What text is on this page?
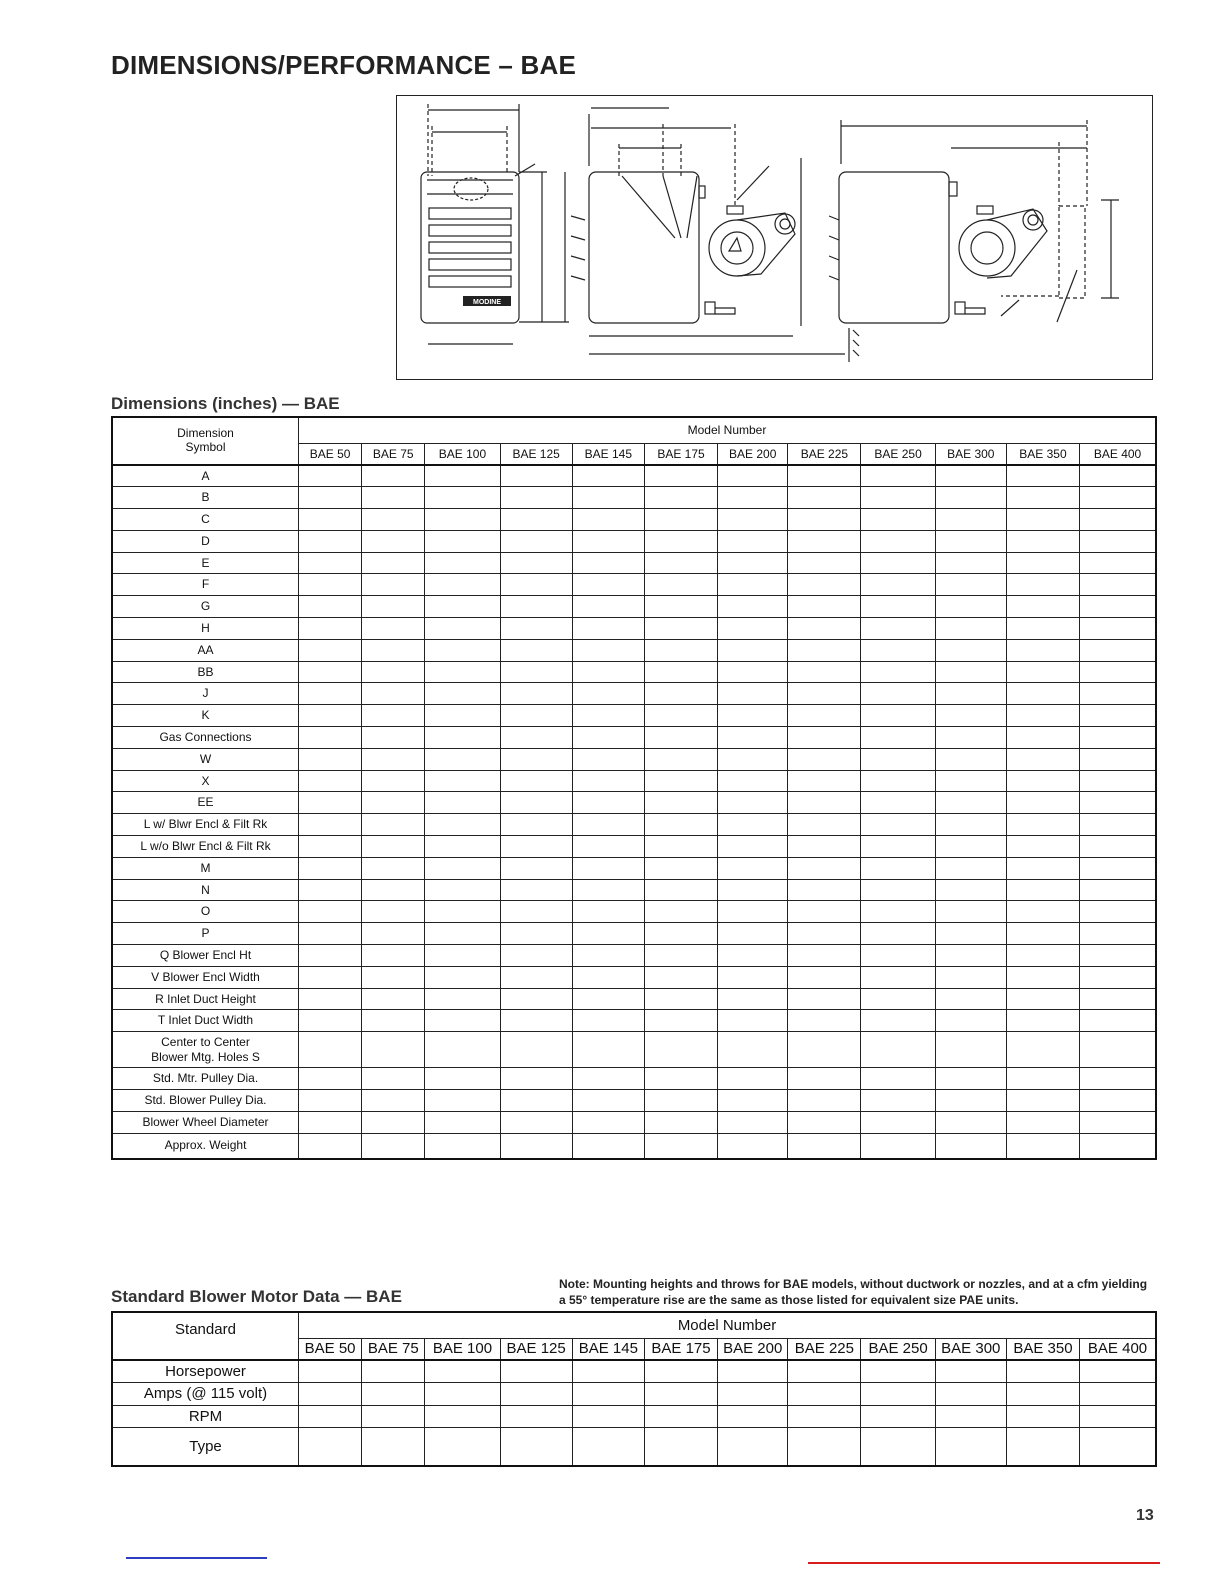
DIMENSIONS/PERFORMANCE – BAE
MODINE
Dimensions (inches) — BAE
Dimension
Symbol	Model Number											
	BAE 50	BAE 75	BAE 100	BAE 125	BAE 145	BAE 175	BAE 200	BAE 225	BAE 250	BAE 300	BAE 350	BAE 400
A												
B												
C												
D												
E												
F												
G												
H												
AA												
BB												
J												
K												
Gas Connections												
W												
X												
EE												
L w/ Blwr Encl & Filt Rk												
L w/o Blwr Encl & Filt Rk												
M												
N												
O												
P												
Q Blower Encl Ht												
V Blower Encl Width												
R Inlet Duct Height												
T Inlet Duct Width												
Center to Center
Blower Mtg. Holes S												
Std. Mtr. Pulley Dia.												
Std. Blower Pulley Dia.												
Blower Wheel Diameter												
Approx. Weight												
Standard Blower Motor Data — BAE
Note: Mounting heights and throws for BAE models, without ductwork or nozzles, and at a cfm yielding a 55° temperature rise are the same as those listed for equivalent size PAE units.
Standard	Model Number											
	BAE 50	BAE 75	BAE 100	BAE 125	BAE 145	BAE 175	BAE 200	BAE 225	BAE 250	BAE 300	BAE 350	BAE 400
Horsepower												
Amps (@ 115 volt)												
RPM												
Type												
13
